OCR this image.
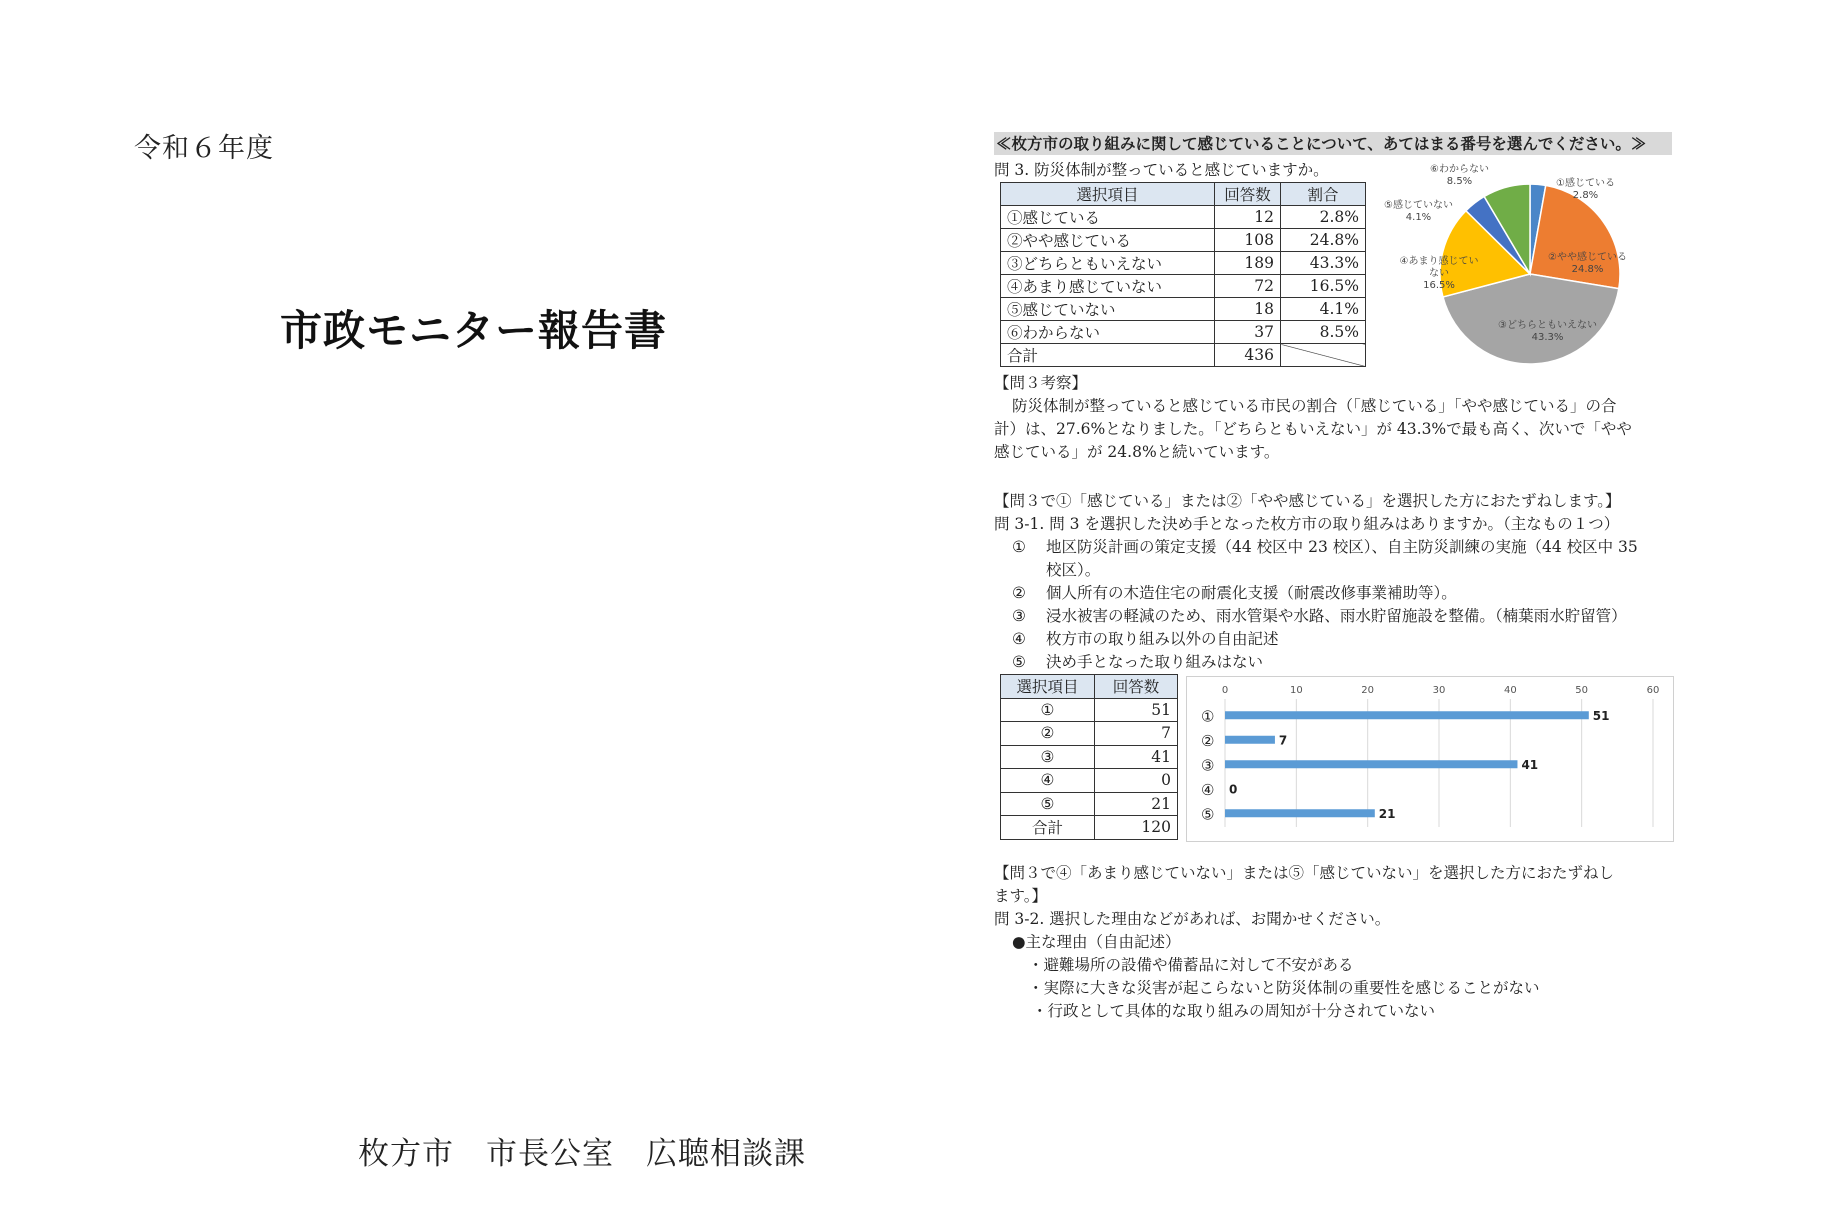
令和６年度
市政モニター報告書
枚方市　市長公室　広聴相談課
≪枚方市の取り組みに関して感じていることについて、あてはまる番号を選んでください。≫
問 3. 防災体制が整っていると感じていますか。
選択項目	回答数	割合
①感じている	12	2.8%
②やや感じている	108	24.8%
③どちらともいえない	189	43.3%
④あまり感じていない	72	16.5%
⑤感じていない	18	4.1%
⑥わからない	37	8.5%
合計	436	
⑥わからない
8.5%	①感じている
2.8%
⑤感じていない
4.1%
②やや感じている
24.8%
④あまり感じていない
16.5%
③どちらともいえない
43.3%
【問３考察】
防災体制が整っていると感じている市民の割合（「感じている」「やや感じている」の合
計）は、27.6%となりました。「どちらともいえない」が 43.3%で最も高く、次いで「やや
感じている」が 24.8%と続いています。
【問３で①「感じている」または②「やや感じている」を選択した方におたずねします。】
問 3-1. 問 3 を選択した決め手となった枚方市の取り組みはありますか。（主なもの１つ）
① 地区防災計画の策定支援（44 校区中 23 校区）、自主防災訓練の実施（44 校区中 35
校区）。
② 個人所有の木造住宅の耐震化支援（耐震改修事業補助等）。
③ 浸水被害の軽減のため、雨水管渠や水路、雨水貯留施設を整備。（楠葉雨水貯留管）
④ 枚方市の取り組み以外の自由記述
⑤ 決め手となった取り組みはない
選択項目	回答数
①	51
②	7
③	41
④	0
⑤	21
合計	120
0	10	20	30	40	50	60
①	51
②	7
③	41
④ 0
⑤	21
【問３で④「あまり感じていない」または⑤「感じていない」を選択した方におたずねし
ます。】
問 3-2. 選択した理由などがあれば、お聞かせください。
●主な理由（自由記述）
・避難場所の設備や備蓄品に対して不安がある
・実際に大きな災害が起こらないと防災体制の重要性を感じることがない
・行政として具体的な取り組みの周知が十分されていない
